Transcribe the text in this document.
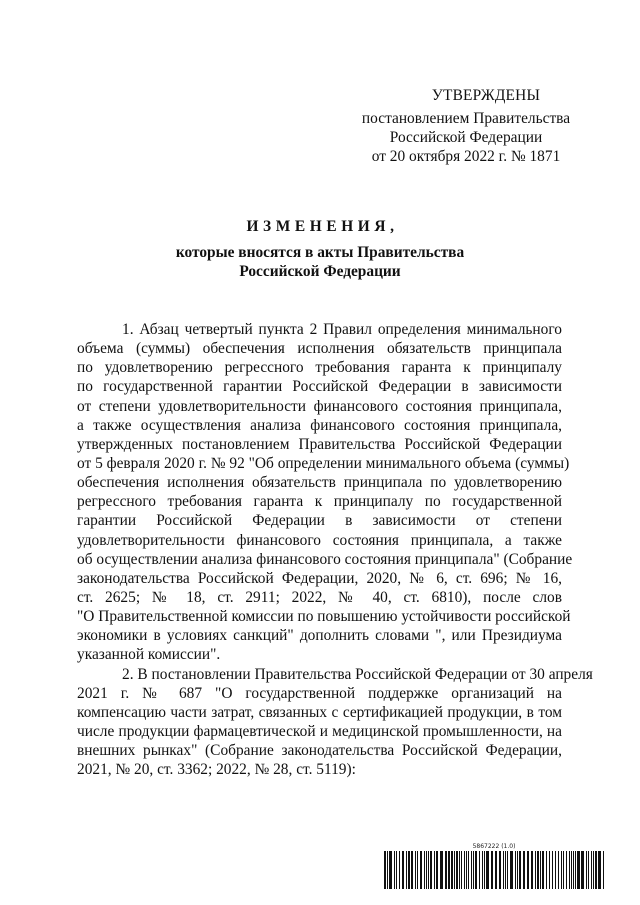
УТВЕРЖДЕНЫ
постановлением Правительства
Российской Федерации
от 20 октября 2022 г. № 1871
ИЗМЕНЕНИЯ,
которые вносятся в акты Правительства
Российской Федерации
1. Абзац четвертый пункта 2 Правил определения минимального
объема (суммы) обеспечения исполнения обязательств принципала
по удовлетворению регрессного требования гаранта к принципалу
по государственной гарантии Российской Федерации в зависимости
от степени удовлетворительности финансового состояния принципала,
а также осуществления анализа финансового состояния принципала,
утвержденных постановлением Правительства Российской Федерации
от 5 февраля 2020 г. № 92 "Об определении минимального объема (суммы)
обеспечения исполнения обязательств принципала по удовлетворению
регрессного требования гаранта к принципалу по государственной
гарантии Российской Федерации в зависимости от степени
удовлетворительности финансового состояния принципала, а также
об осуществлении анализа финансового состояния принципала" (Собрание
законодательства Российской Федерации, 2020, № 6, ст. 696; № 16,
ст. 2625; № 18, ст. 2911; 2022, № 40, ст. 6810), после слов
"О Правительственной комиссии по повышению устойчивости российской
экономики в условиях санкций" дополнить словами ", или Президиума
указанной комиссии".
2. В постановлении Правительства Российской Федерации от 30 апреля
2021 г. № 687 "О государственной поддержке организаций на
компенсацию части затрат, связанных с сертификацией продукции, в том
числе продукции фармацевтической и медицинской промышленности, на
внешних рынках" (Собрание законодательства Российской Федерации,
2021, № 20, ст. 3362; 2022, № 28, ст. 5119):
5867222 (1.0)
